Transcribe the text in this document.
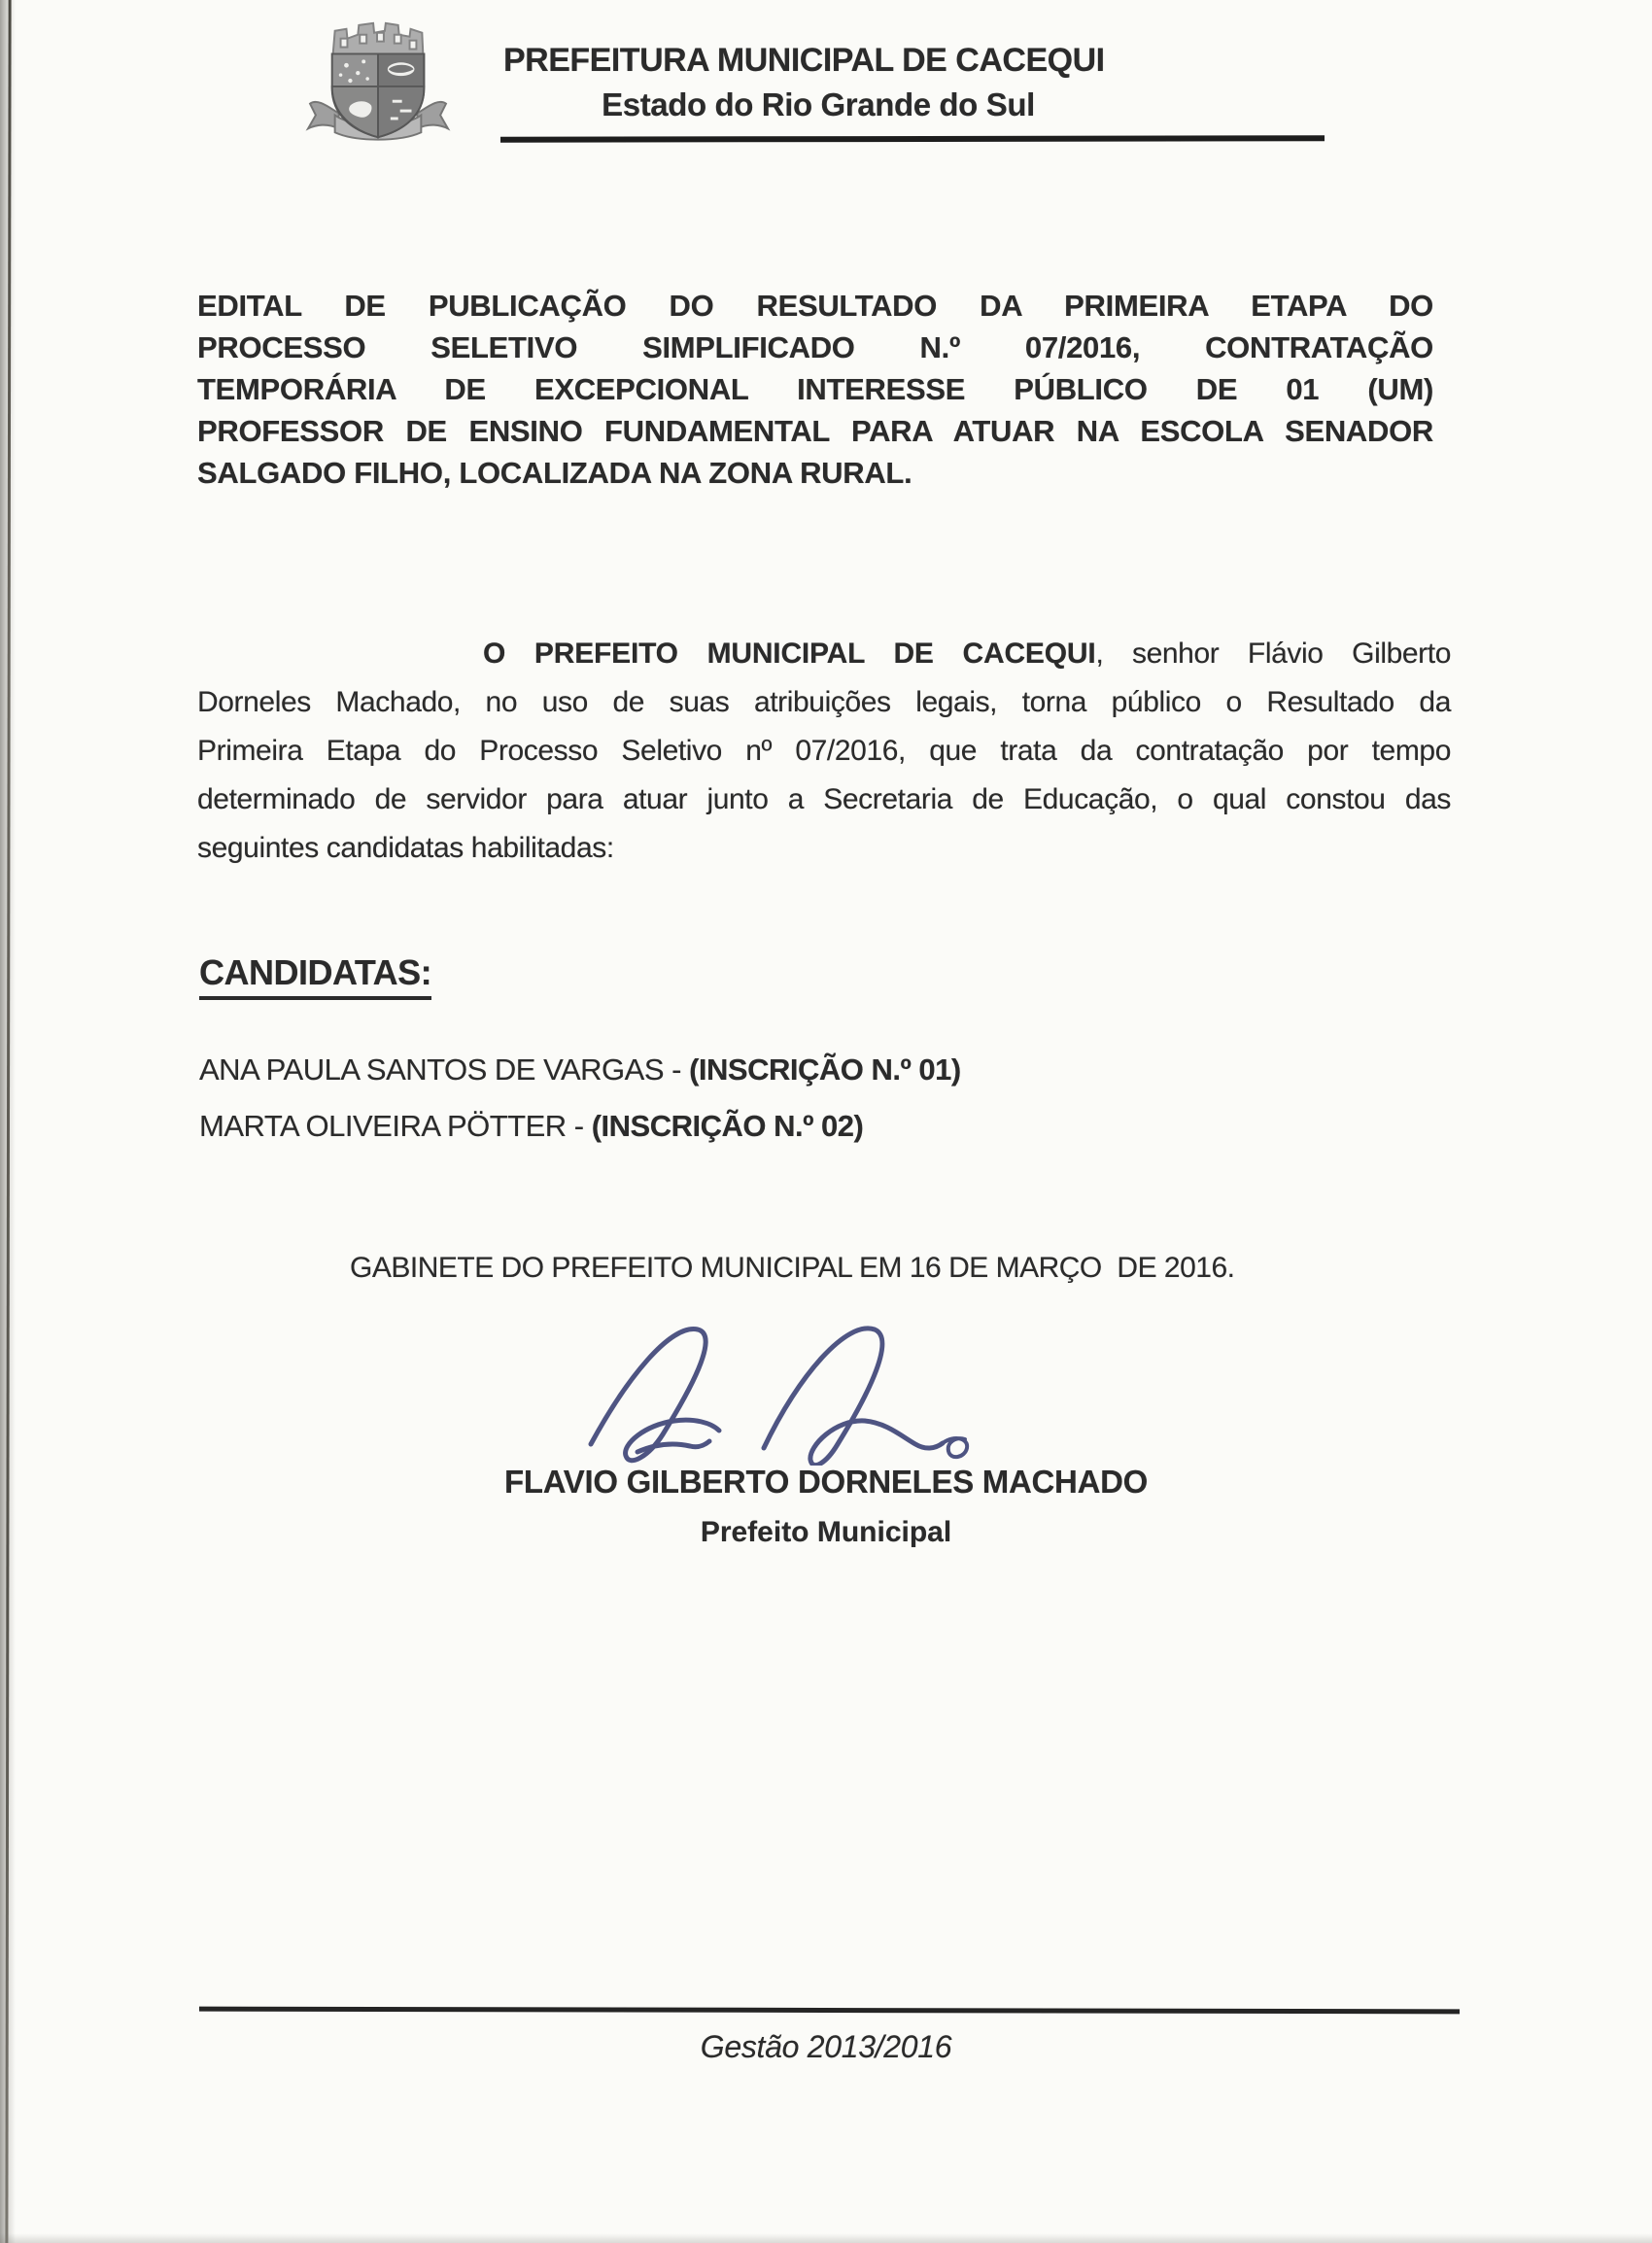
PREFEITURA MUNICIPAL DE CACEQUI
Estado do Rio Grande do Sul
EDITAL DE PUBLICAÇÃO DO RESULTADO DA PRIMEIRA ETAPA DO
PROCESSO SELETIVO SIMPLIFICADO N.º 07/2016, CONTRATAÇÃO
TEMPORÁRIA DE EXCEPCIONAL INTERESSE PÚBLICO DE 01 (UM)
PROFESSOR DE ENSINO FUNDAMENTAL PARA ATUAR NA ESCOLA SENADOR
SALGADO FILHO, LOCALIZADA NA ZONA RURAL.
O PREFEITO MUNICIPAL DE CACEQUI, senhor Flávio Gilberto
Dorneles Machado, no uso de suas atribuições legais, torna público o Resultado da
Primeira Etapa do Processo Seletivo nº 07/2016, que trata da contratação por tempo
determinado de servidor para atuar junto a Secretaria de Educação, o qual constou das
seguintes candidatas habilitadas:
CANDIDATAS:
ANA PAULA SANTOS DE VARGAS - (INSCRIÇÃO N.º 01)
MARTA OLIVEIRA PÖTTER - (INSCRIÇÃO N.º 02)
GABINETE DO PREFEITO MUNICIPAL EM 16 DE MARÇO  DE 2016.
FLAVIO GILBERTO DORNELES MACHADO
Prefeito Municipal
Gestão 2013/2016
